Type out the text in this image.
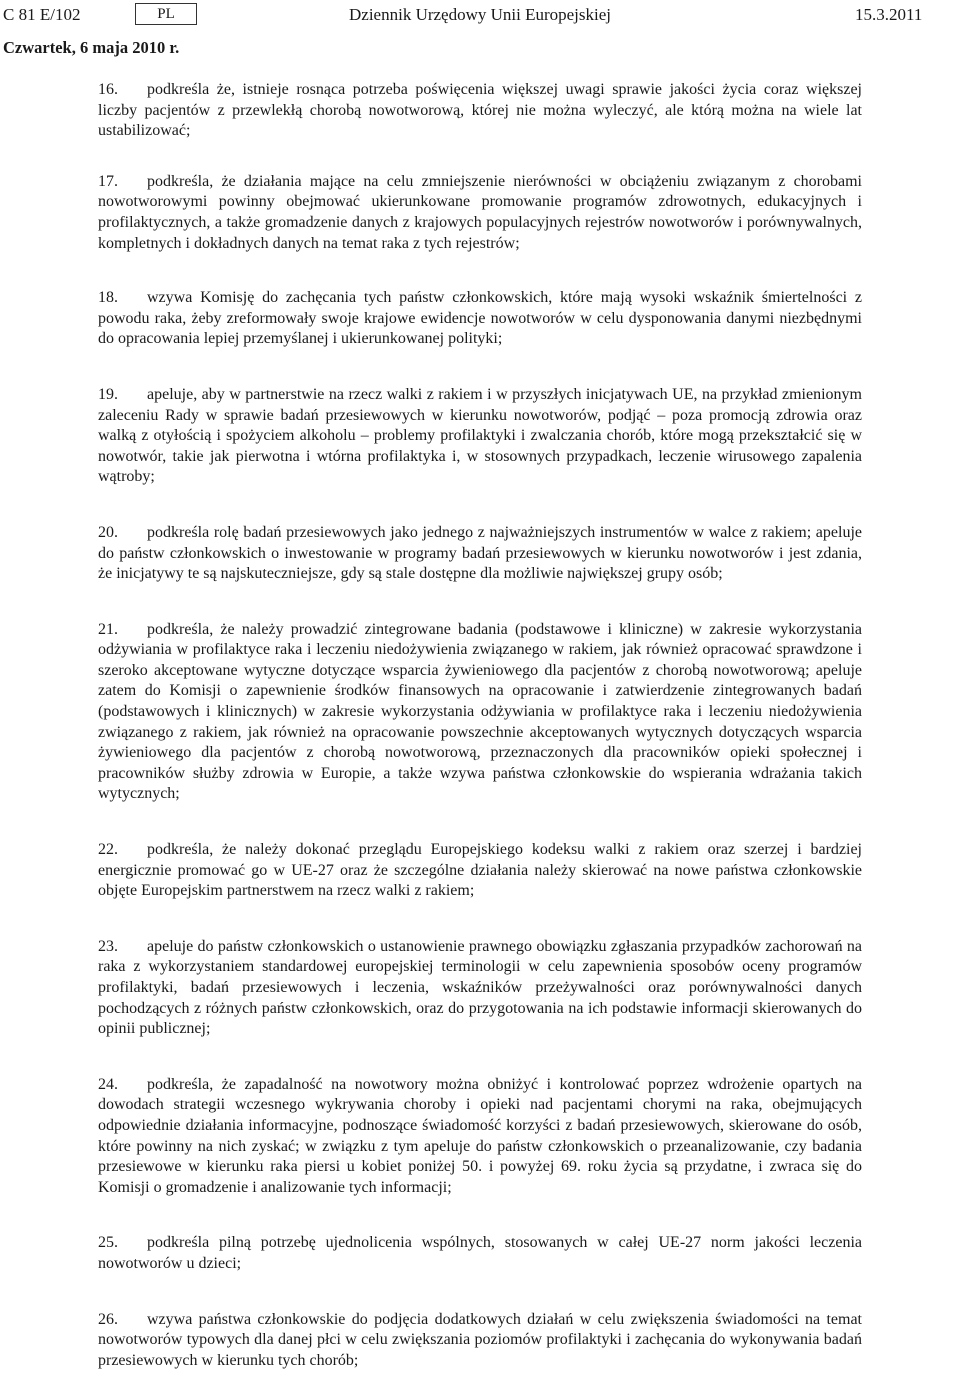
C 81 E/102	PL	Dziennik Urzędowy Unii Europejskiej	15.3.2011
Czwartek, 6 maja 2010 r.

16. podkreśla że, istnieje rosnąca potrzeba poświęcenia większej uwagi sprawie jakości życia coraz większej liczby pacjentów z przewlekłą chorobą nowotworową, której nie można wyleczyć, ale którą można na wiele lat ustabilizować;

17. podkreśla, że działania mające na celu zmniejszenie nierówności w obciążeniu związanym z chorobami nowotworowymi powinny obejmować ukierunkowane promowanie programów zdrowotnych, edukacyjnych i profilaktycznych, a także gromadzenie danych z krajowych populacyjnych rejestrów nowotworów i porównywalnych, kompletnych i dokładnych danych na temat raka z tych rejestrów;

18. wzywa Komisję do zachęcania tych państw członkowskich, które mają wysoki wskaźnik śmiertelności z powodu raka, żeby zreformowały swoje krajowe ewidencje nowotworów w celu dysponowania danymi niezbędnymi do opracowania lepiej przemyślanej i ukierunkowanej polityki;

19. apeluje, aby w partnerstwie na rzecz walki z rakiem i w przyszłych inicjatywach UE, na przykład zmienionym zaleceniu Rady w sprawie badań przesiewowych w kierunku nowotworów, podjąć – poza promocją zdrowia oraz walką z otyłością i spożyciem alkoholu – problemy profilaktyki i zwalczania chorób, które mogą przekształcić się w nowotwór, takie jak pierwotna i wtórna profilaktyka i, w stosownych przypadkach, leczenie wirusowego zapalenia wątroby;

20. podkreśla rolę badań przesiewowych jako jednego z najważniejszych instrumentów w walce z rakiem; apeluje do państw członkowskich o inwestowanie w programy badań przesiewowych w kierunku nowotworów i jest zdania, że inicjatywy te są najskuteczniejsze, gdy są stale dostępne dla możliwie największej grupy osób;

21. podkreśla, że należy prowadzić zintegrowane badania (podstawowe i kliniczne) w zakresie wykorzystania odżywiania w profilaktyce raka i leczeniu niedożywienia związanego w rakiem, jak również opracować sprawdzone i szeroko akceptowane wytyczne dotyczące wsparcia żywieniowego dla pacjentów z chorobą nowotworową; apeluje zatem do Komisji o zapewnienie środków finansowych na opracowanie i zatwierdzenie zintegrowanych badań (podstawowych i klinicznych) w zakresie wykorzystania odżywiania w profilaktyce raka i leczeniu niedożywienia związanego z rakiem, jak również na opracowanie powszechnie akceptowanych wytycznych dotyczących wsparcia żywieniowego dla pacjentów z chorobą nowotworową, przeznaczonych dla pracowników opieki społecznej i pracowników służby zdrowia w Europie, a także wzywa państwa członkowskie do wspierania wdrażania takich wytycznych;

22. podkreśla, że należy dokonać przeglądu Europejskiego kodeksu walki z rakiem oraz szerzej i bardziej energicznie promować go w UE-27 oraz że szczególne działania należy skierować na nowe państwa członkowskie objęte Europejskim partnerstwem na rzecz walki z rakiem;

23. apeluje do państw członkowskich o ustanowienie prawnego obowiązku zgłaszania przypadków zachorowań na raka z wykorzystaniem standardowej europejskiej terminologii w celu zapewnienia sposobów oceny programów profilaktyki, badań przesiewowych i leczenia, wskaźników przeżywalności oraz porównywalności danych pochodzących z różnych państw członkowskich, oraz do przygotowania na ich podstawie informacji skierowanych do opinii publicznej;

24. podkreśla, że zapadalność na nowotwory można obniżyć i kontrolować poprzez wdrożenie opartych na dowodach strategii wczesnego wykrywania choroby i opieki nad pacjentami chorymi na raka, obejmujących odpowiednie działania informacyjne, podnoszące świadomość korzyści z badań przesiewowych, skierowane do osób, które powinny na nich zyskać; w związku z tym apeluje do państw członkowskich o przeanalizowanie, czy badania przesiewowe w kierunku raka piersi u kobiet poniżej 50. i powyżej 69. roku życia są przydatne, i zwraca się do Komisji o gromadzenie i analizowanie tych informacji;

25. podkreśla pilną potrzebę ujednolicenia wspólnych, stosowanych w całej UE-27 norm jakości leczenia nowotworów u dzieci;

26. wzywa państwa członkowskie do podjęcia dodatkowych działań w celu zwiększenia świadomości na temat nowotworów typowych dla danej płci w celu zwiększania poziomów profilaktyki i zachęcania do wykonywania badań przesiewowych w kierunku tych chorób;
